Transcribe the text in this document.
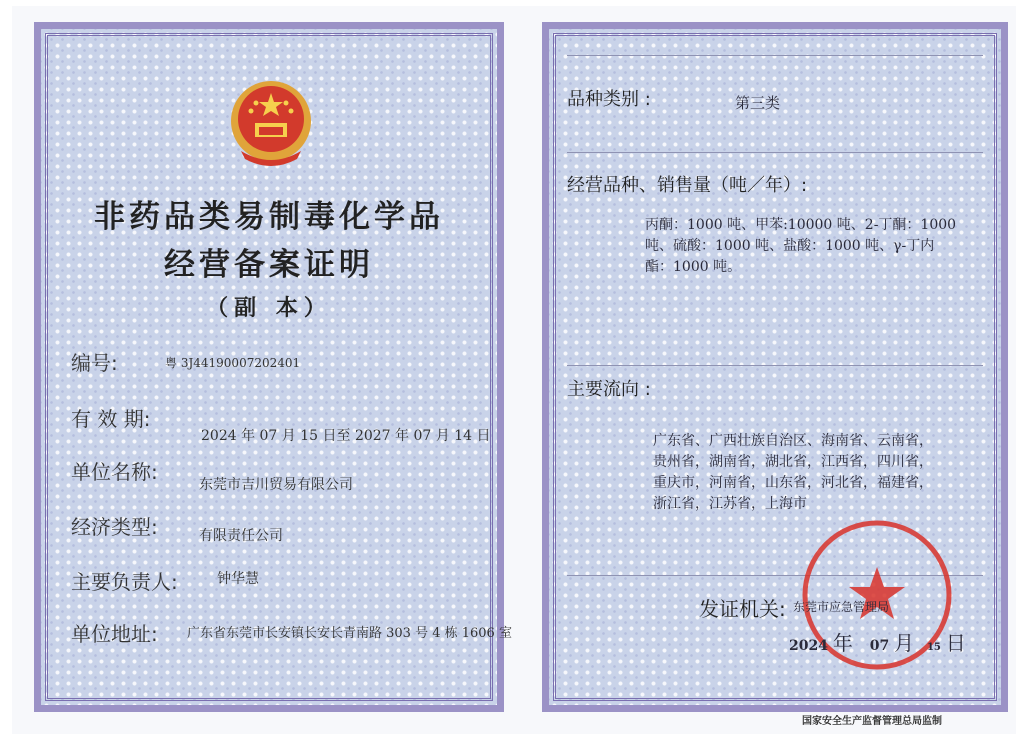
非药品类易制毒化学品
经营备案证明
（副 本）
编号:	粤 3J44190007202401
有 效 期:
2024 年 07 月 15 日至 2027 年 07 月 14 日
单位名称:
东莞市吉川贸易有限公司
经济类型:	有限责任公司
主要负责人:	钟华慧
单位地址: 广东省东莞市长安镇长安长青南路 303 号 4 栋 1606 室
品种类别 :	第三类
经营品种、销售量（吨／年）:
丙酮：1000 吨、甲苯:10000 吨、2-丁酮：1000
吨、硫酸：1000 吨、盐酸：1000 吨、γ-丁内
酯：1000 吨。
主要流向 :
广东省、广西壮族自治区、海南省、云南省，
贵州省，湖南省，湖北省，江西省，四川省，
重庆市，河南省，山东省，河北省，福建省，
浙江省，江苏省，上海市
发证机关: 东莞市应急管理局
2024 年 07 月 15 日
国家安全生产监督管理总局监制
